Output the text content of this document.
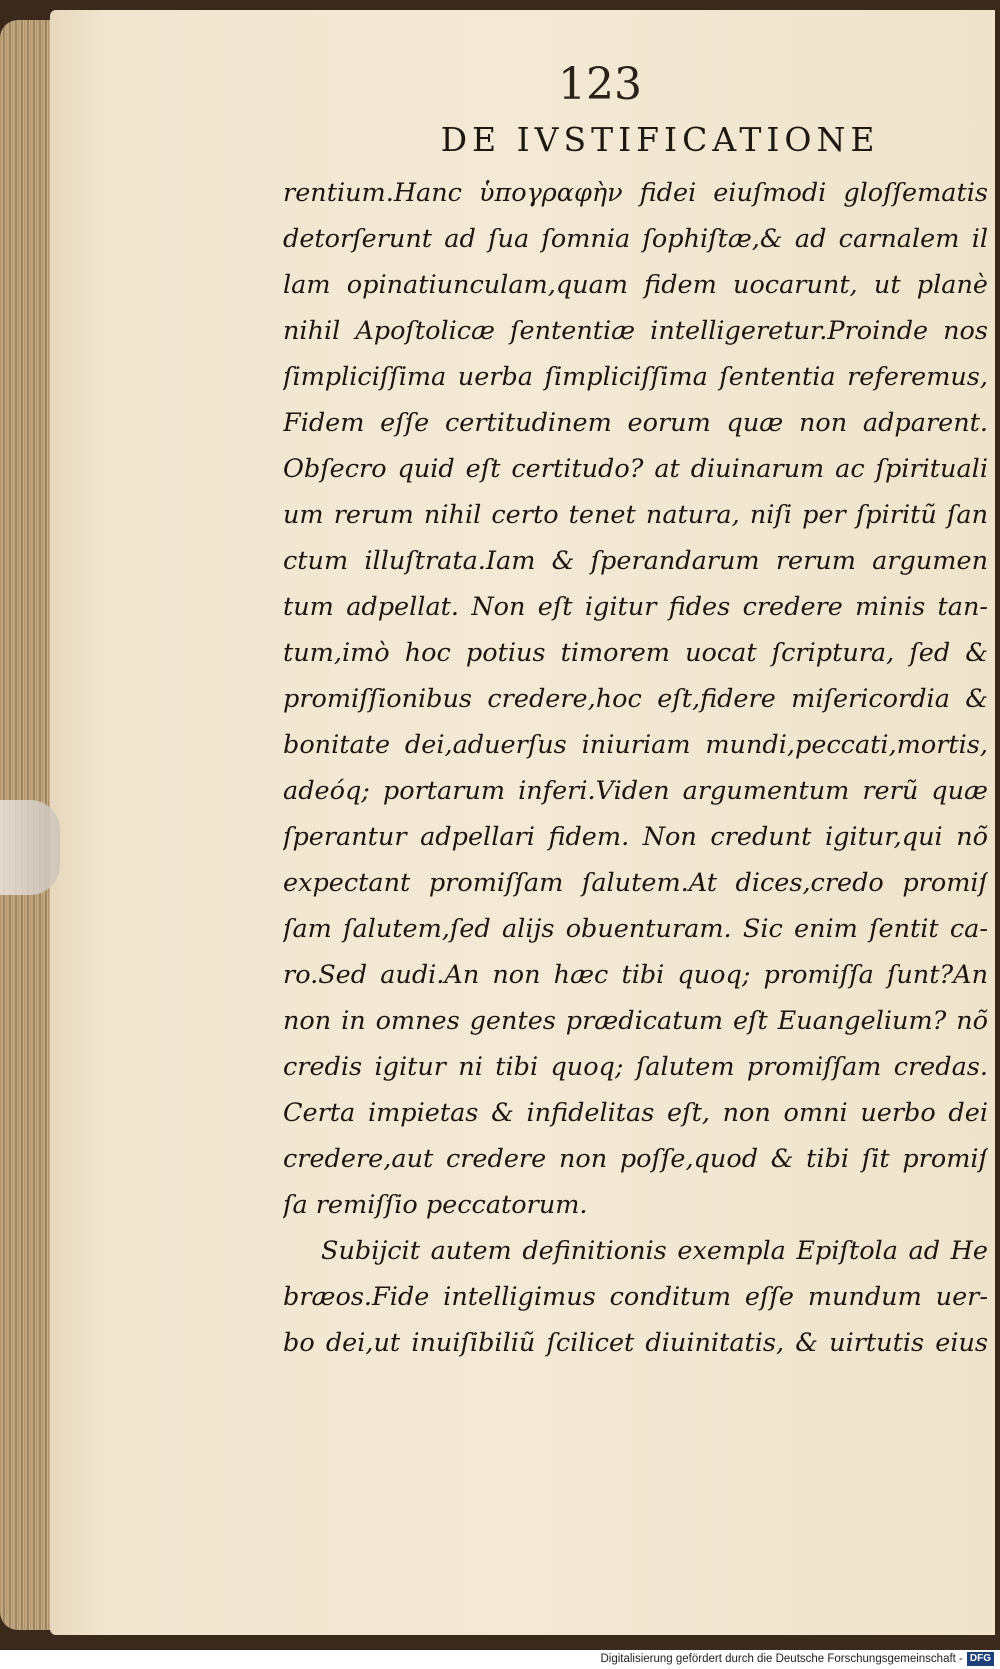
123
DE IVSTIFICATIONE
rentium.Hanc ὑπογραφὴν fidei eiuſmodi gloſſematis
detorſerunt ad ſua ſomnia ſophiſtæ,& ad carnalem il
lam opinatiunculam,quam fidem uocarunt, ut planè
nihil Apoſtolicæ ſententiæ intelligeretur.Proinde nos
ſimpliciſſima uerba ſimpliciſſima ſententia referemus,
Fidem eſſe certitudinem eorum quæ non adparent.
Obſecro quid eſt certitudo? at diuinarum ac ſpirituali
um rerum nihil certo tenet natura, niſi per ſpiritũ ſan
ctum illuſtrata.Iam & ſperandarum rerum argumen
tum adpellat. Non eſt igitur fides credere minis tan-
tum,imò hoc potius timorem uocat ſcriptura, ſed &
promiſſionibus credere,hoc eſt,fidere miſericordia &
bonitate dei,aduerſus iniuriam mundi,peccati,mortis,
adeóq; portarum inferi.Viden argumentum rerũ quæ
ſperantur adpellari fidem. Non credunt igitur,qui nõ
expectant promiſſam ſalutem.At dices,credo promiſ
ſam ſalutem,ſed alijs obuenturam. Sic enim ſentit ca-
ro.Sed audi.An non hæc tibi quoq; promiſſa ſunt?An
non in omnes gentes prædicatum eſt Euangelium? nõ
credis igitur ni tibi quoq; ſalutem promiſſam credas.
Certa impietas & infidelitas eſt, non omni uerbo dei
credere,aut credere non poſſe,quod & tibi ſit promiſ
ſa remiſſio peccatorum.
Subijcit autem definitionis exempla Epiſtola ad He
bræos.Fide intelligimus conditum eſſe mundum uer-
bo dei,ut inuiſibiliũ ſcilicet diuinitatis, & uirtutis eius
Digitalisierung gefördert durch die Deutsche Forschungsgemeinschaft - DFG
